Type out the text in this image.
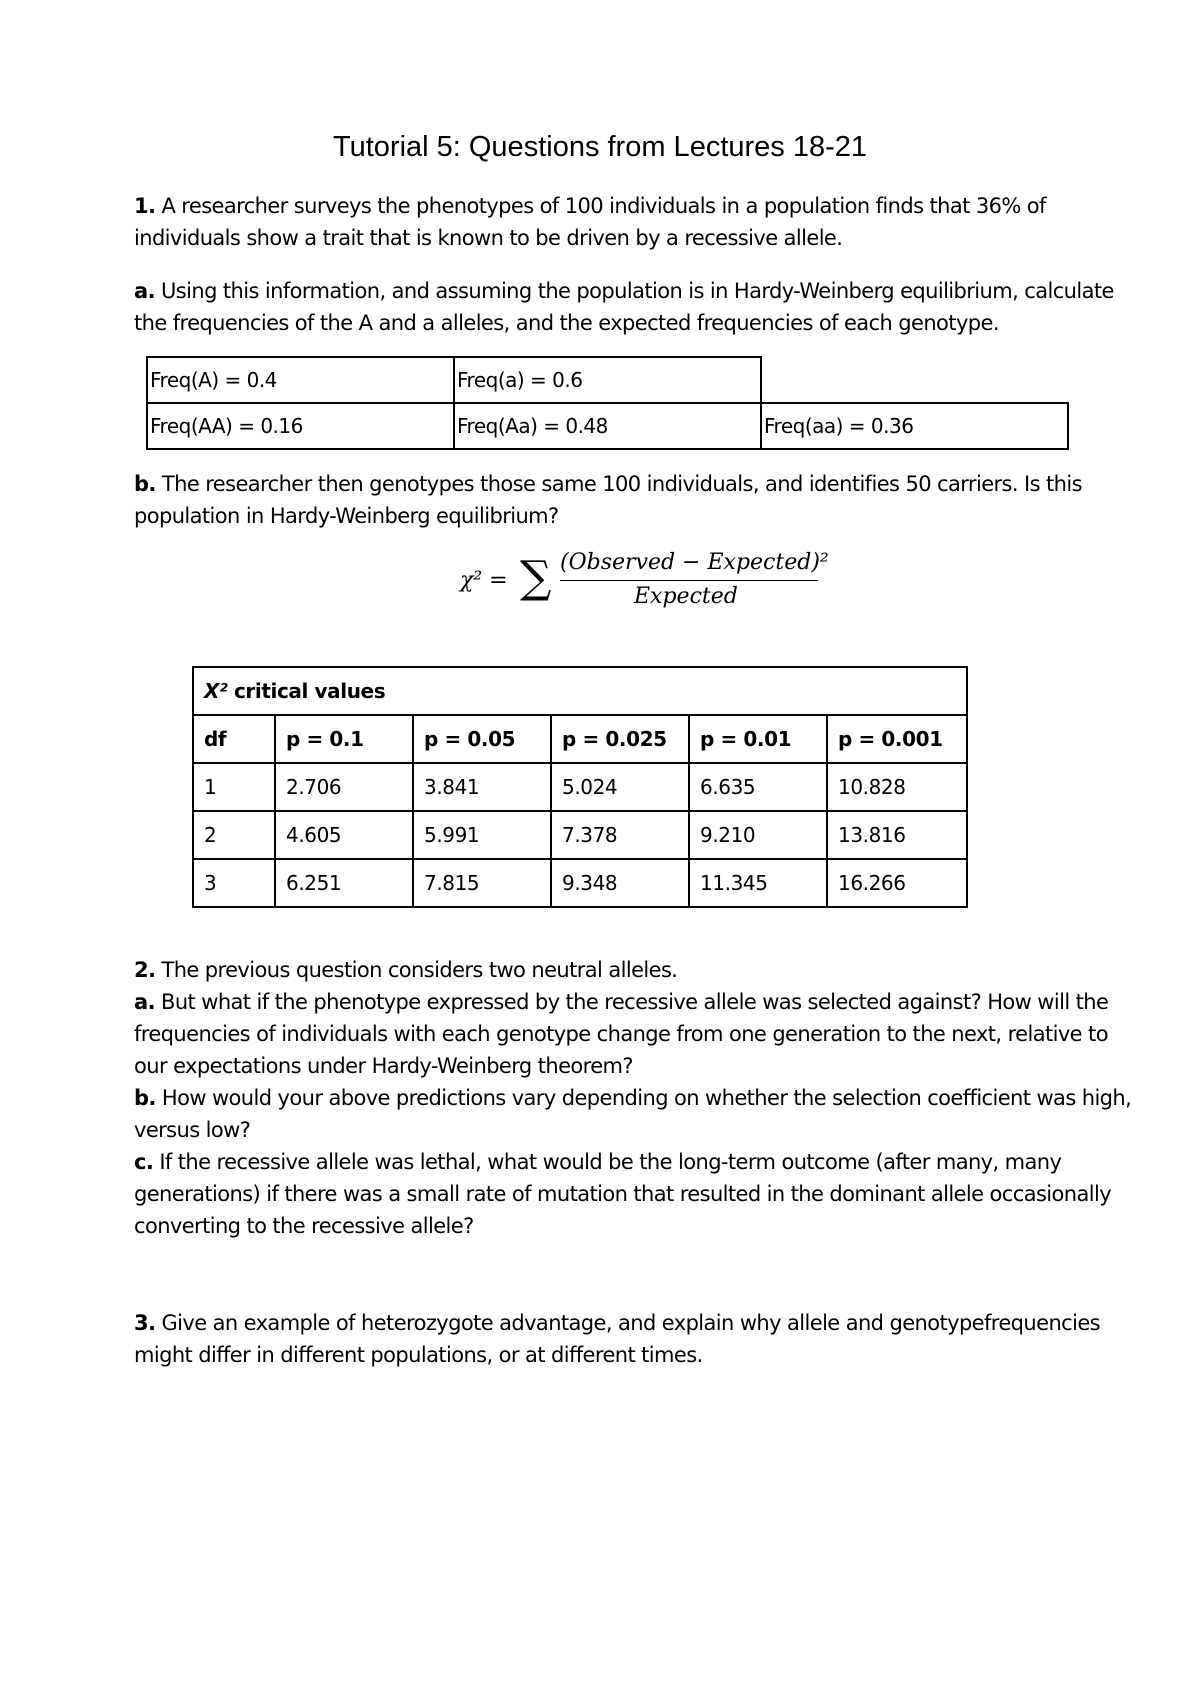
Tutorial 5: Questions from Lectures 18-21
1. A researcher surveys the phenotypes of 100 individuals in a population finds that 36% of individuals show a trait that is known to be driven by a recessive allele.
a. Using this information, and assuming the population is in Hardy-Weinberg equilibrium, calculate the frequencies of the A and a alleles, and the expected frequencies of each genotype.
Freq(A) = 0.4	Freq(a) = 0.6	
Freq(AA) = 0.16	Freq(Aa) = 0.48	Freq(aa) = 0.36
b. The researcher then genotypes those same 100 individuals, and identifies 50 carriers. Is this population in Hardy-Weinberg equilibrium?
χ² = ∑ (Observed − Expected)²
Expected
X² critical values					
df	p = 0.1	p = 0.05	p = 0.025	p = 0.01	p = 0.001
1	2.706	3.841	5.024	6.635	10.828
2	4.605	5.991	7.378	9.210	13.816
3	6.251	7.815	9.348	11.345	16.266
2. The previous question considers two neutral alleles.
a. But what if the phenotype expressed by the recessive allele was selected against? How will the frequencies of individuals with each genotype change from one generation to the next, relative to our expectations under Hardy-Weinberg theorem?
b. How would your above predictions vary depending on whether the selection coefficient was high, versus low?
c. If the recessive allele was lethal, what would be the long-term outcome (after many, many generations) if there was a small rate of mutation that resulted in the dominant allele occasionally converting to the recessive allele?
3. Give an example of heterozygote advantage, and explain why allele and genotypefrequencies might differ in different populations, or at different times.
